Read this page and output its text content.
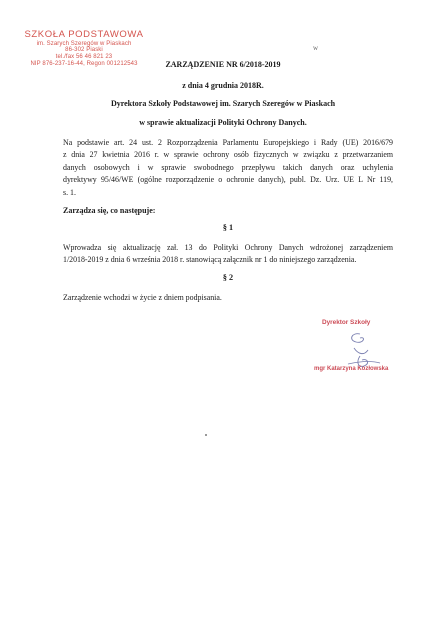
SZKOŁA PODSTAWOWA
im. Szarych Szeregów w Piaskach
86-302 Piaski
tel./fax 56 46 821 23
NIP 876-237-16-44, Regon 001212543
w
ZARZĄDZENIE NR 6/2018-2019
z dnia 4 grudnia 2018R.
Dyrektora Szkoły Podstawowej im. Szarych Szeregów w Piaskach
w sprawie aktualizacji Polityki Ochrony Danych.
Na podstawie art. 24 ust. 2 Rozporządzenia Parlamentu Europejskiego i Rady (UE) 2016/679
z dnia 27 kwietnia 2016 r. w sprawie ochrony osób fizycznych w związku z przetwarzaniem
danych osobowych i w sprawie swobodnego przepływu takich danych oraz uchylenia
dyrektywy 95/46/WE (ogólne rozporządzenie o ochronie danych), publ. Dz. Urz. UE L Nr 119,
s. 1.
Zarządza się, co następuje:
§ 1
Wprowadza się aktualizację zał. 13 do Polityki Ochrony Danych wdrożonej zarządzeniem
1/2018-2019 z dnia 6 września 2018 r. stanowiącą załącznik nr 1 do niniejszego zarządzenia.
§ 2
Zarządzenie wchodzi w życie z dniem podpisania.
Dyrektor Szkoły
mgr Katarzyna Kozłowska
